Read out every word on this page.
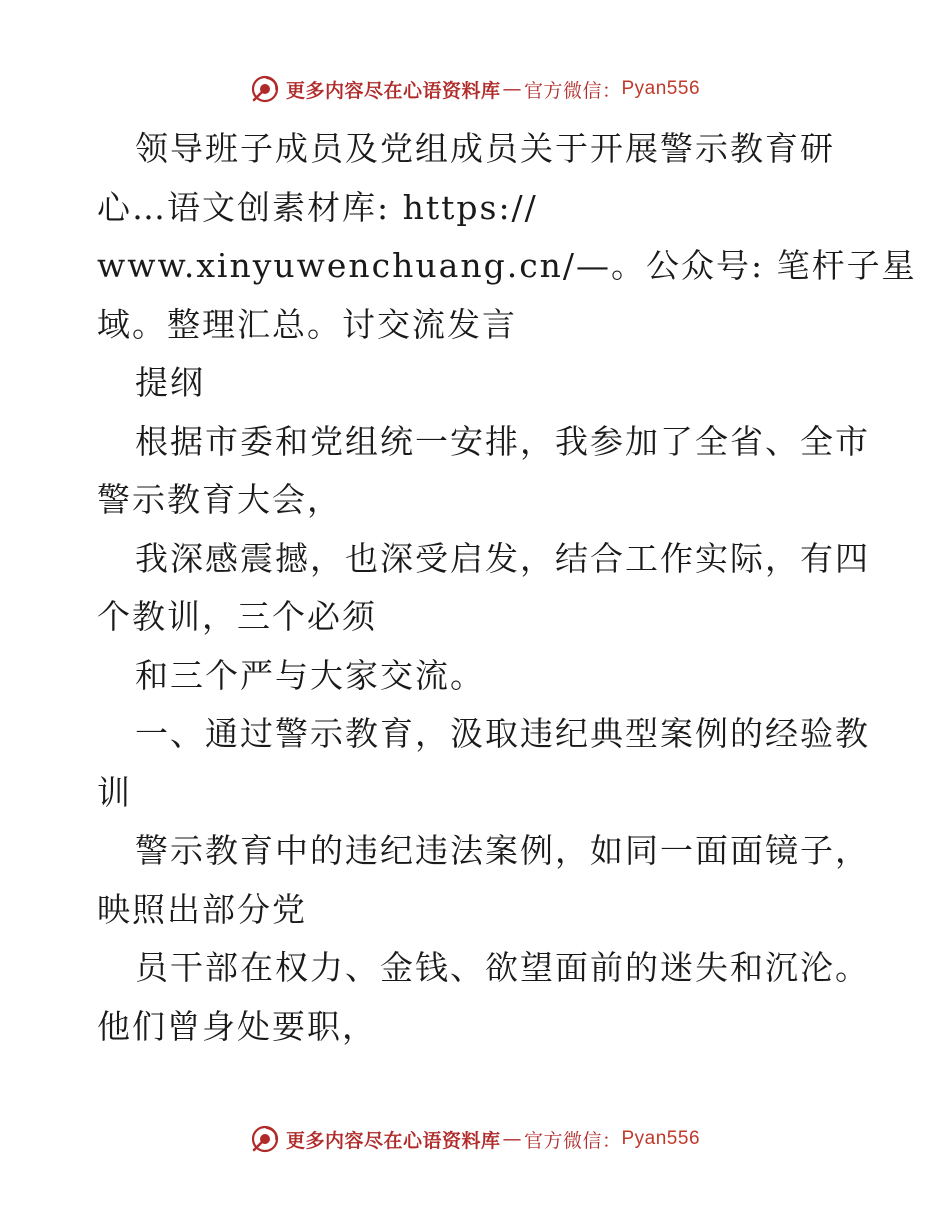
更多内容尽在心语资料库 — 官方微信： Pyan556
领导班子成员及党组成员关于开展警示教育研
心…语文创素材库: https://
www.xinyuwenchuang.cn/—。公众号: 笔杆子星
域。整理汇总。讨交流发言
提纲
根据市委和党组统一安排，我参加了全省、全市
警示教育大会，
我深感震撼，也深受启发，结合工作实际，有四
个教训，三个必须
和三个严与大家交流。
一、通过警示教育，汲取违纪典型案例的经验教
训
警示教育中的违纪违法案例，如同一面面镜子，
映照出部分党
员干部在权力、金钱、欲望面前的迷失和沉沦。
他们曾身处要职，
更多内容尽在心语资料库 — 官方微信： Pyan556
